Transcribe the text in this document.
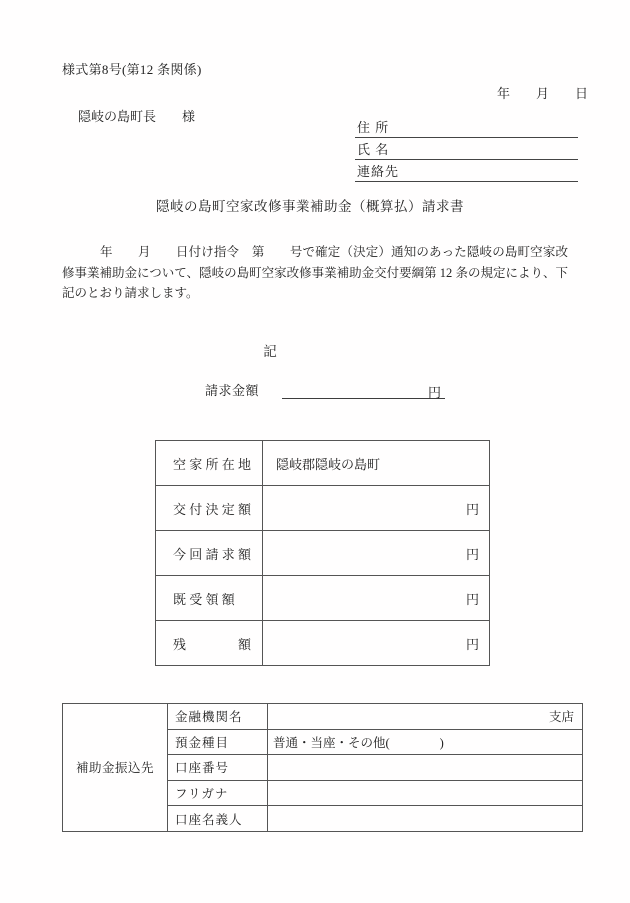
様式第8号(第12 条関係)
年　　月　　日
隠岐の島町長　　様
住 所
氏 名
連絡先
隠岐の島町空家改修事業補助金（概算払）請求書
　　　年　　月　　日付け指令　第　　号で確定（決定）通知のあった隠岐の島町空家改
修事業補助金について、隠岐の島町空家改修事業補助金交付要綱第 12 条の規定により、下
記のとおり請求します。
記
請求金額	円
空 家 所 在 地	隠岐郡隠岐の島町
交 付 決 定 額	円
今 回 請 求 額	円
既 受 領 額	円
残　　　　額	円
補助金振込先
金融機関名	支店
預金種目	普通・当座・その他(　　　　)
口座番号
フリガナ
口座名義人
